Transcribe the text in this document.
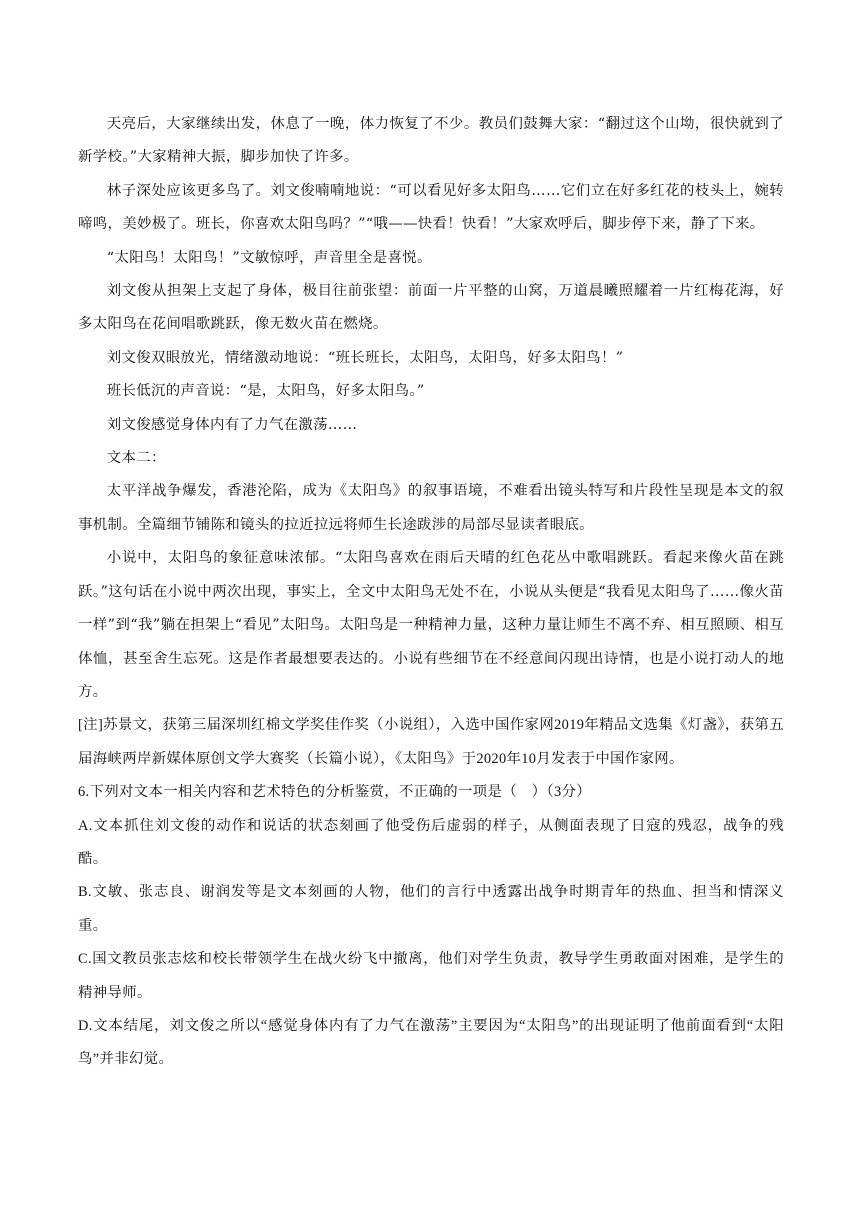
天亮后，大家继续出发，休息了一晚，体力恢复了不少。教员们鼓舞大家：“翻过这个山坳，很快就到了新学校。”大家精神大振，脚步加快了许多。

林子深处应该更多鸟了。刘文俊喃喃地说：“可以看见好多太阳鸟……它们立在好多红花的枝头上，婉转啼鸣，美妙极了。班长，你喜欢太阳鸟吗？”“哦——快看！快看！”大家欢呼后，脚步停下来，静了下来。

“太阳鸟！太阳鸟！”文敏惊呼，声音里全是喜悦。

刘文俊从担架上支起了身体，极目往前张望：前面一片平整的山窝，万道晨曦照耀着一片红梅花海，好多太阳鸟在花间唱歌跳跃，像无数火苗在燃烧。

刘文俊双眼放光，情绪激动地说：“班长班长，太阳鸟，太阳鸟，好多太阳鸟！”

班长低沉的声音说：“是，太阳鸟，好多太阳鸟。”

刘文俊感觉身体内有了力气在激荡……

文本二：

太平洋战争爆发，香港沦陷，成为《太阳鸟》的叙事语境，不难看出镜头特写和片段性呈现是本文的叙事机制。全篇细节铺陈和镜头的拉近拉远将师生长途跋涉的局部尽显读者眼底。

小说中，太阳鸟的象征意味浓郁。“太阳鸟喜欢在雨后天晴的红色花丛中歌唱跳跃。看起来像火苗在跳跃。”这句话在小说中两次出现，事实上，全文中太阳鸟无处不在，小说从头便是“我看见太阳鸟了……像火苗一样”到“我”躺在担架上“看见”太阳鸟。太阳鸟是一种精神力量，这种力量让师生不离不弃、相互照顾、相互体恤，甚至舍生忘死。这是作者最想要表达的。小说有些细节在不经意间闪现出诗情，也是小说打动人的地方。

[注]苏景文，获第三届深圳红棉文学奖佳作奖（小说组），入选中国作家网2019年精品文选集《灯盏》，获第五届海峡两岸新媒体原创文学大赛奖（长篇小说），《太阳鸟》于2020年10月发表于中国作家网。

6.下列对文本一相关内容和艺术特色的分析鉴赏，不正确的一项是（　）（3分）

A.文本抓住刘文俊的动作和说话的状态刻画了他受伤后虚弱的样子，从侧面表现了日寇的残忍，战争的残酷。

B.文敏、张志良、谢润发等是文本刻画的人物，他们的言行中透露出战争时期青年的热血、担当和情深义重。

C.国文教员张志炫和校长带领学生在战火纷飞中撤离，他们对学生负责，教导学生勇敢面对困难，是学生的精神导师。

D.文本结尾，刘文俊之所以“感觉身体内有了力气在激荡”主要因为“太阳鸟”的出现证明了他前面看到“太阳鸟”并非幻觉。
